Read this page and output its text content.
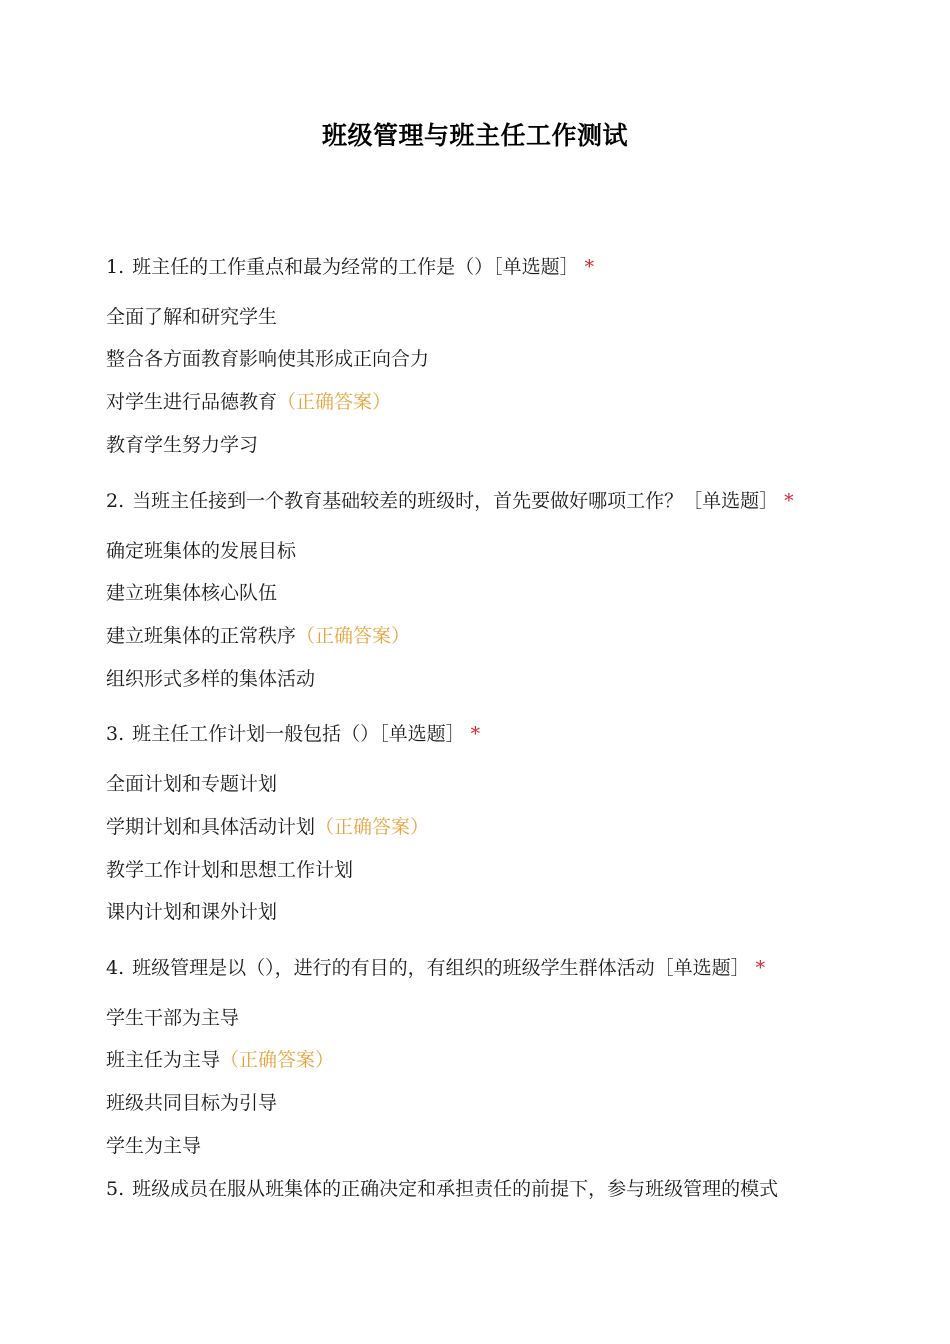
班级管理与班主任工作测试
1. 班主任的工作重点和最为经常的工作是（）［单选题］ *
全面了解和研究学生
整合各方面教育影响使其形成正向合力
对学生进行品德教育（正确答案）
教育学生努力学习
2. 当班主任接到一个教育基础较差的班级时，首先要做好哪项工作？［单选题］ *
确定班集体的发展目标
建立班集体核心队伍
建立班集体的正常秩序（正确答案）
组织形式多样的集体活动
3. 班主任工作计划一般包括（）［单选题］ *
全面计划和专题计划
学期计划和具体活动计划（正确答案）
教学工作计划和思想工作计划
课内计划和课外计划
4. 班级管理是以（），进行的有目的，有组织的班级学生群体活动［单选题］ *
学生干部为主导
班主任为主导（正确答案）
班级共同目标为引导
学生为主导
5. 班级成员在服从班集体的正确决定和承担责任的前提下，参与班级管理的模式
